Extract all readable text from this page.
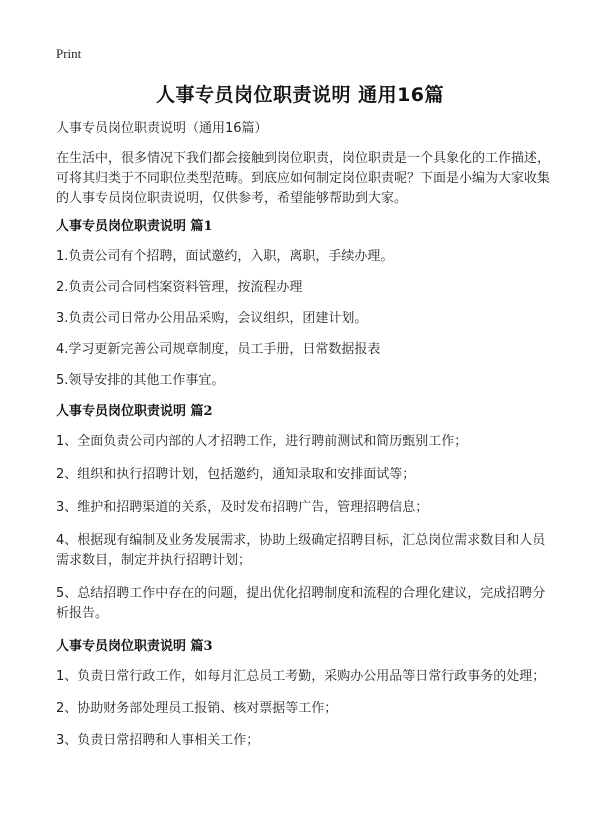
Print
人事专员岗位职责说明 通用16篇

人事专员岗位职责说明（通用16篇）

在生活中，很多情况下我们都会接触到岗位职责，岗位职责是一个具象化的工作描述，可将其归类于不同职位类型范畴。到底应如何制定岗位职责呢？下面是小编为大家收集的人事专员岗位职责说明，仅供参考，希望能够帮助到大家。

人事专员岗位职责说明 篇1

1.负责公司有个招聘，面试邀约，入职，离职，手续办理。

2.负责公司合同档案资料管理，按流程办理

3.负责公司日常办公用品采购，会议组织，团建计划。

4.学习更新完善公司规章制度，员工手册，日常数据报表

5.领导安排的其他工作事宜。

人事专员岗位职责说明 篇2

1、全面负责公司内部的人才招聘工作，进行聘前测试和简历甄别工作；

2、组织和执行招聘计划，包括邀约，通知录取和安排面试等；

3、维护和招聘渠道的关系，及时发布招聘广告，管理招聘信息；

4、根据现有编制及业务发展需求，协助上级确定招聘目标，汇总岗位需求数目和人员需求数目，制定并执行招聘计划；

5、总结招聘工作中存在的问题，提出优化招聘制度和流程的合理化建议，完成招聘分析报告。

人事专员岗位职责说明 篇3

1、负责日常行政工作，如每月汇总员工考勤，采购办公用品等日常行政事务的处理；

2、协助财务部处理员工报销、核对票据等工作；

3、负责日常招聘和人事相关工作；
